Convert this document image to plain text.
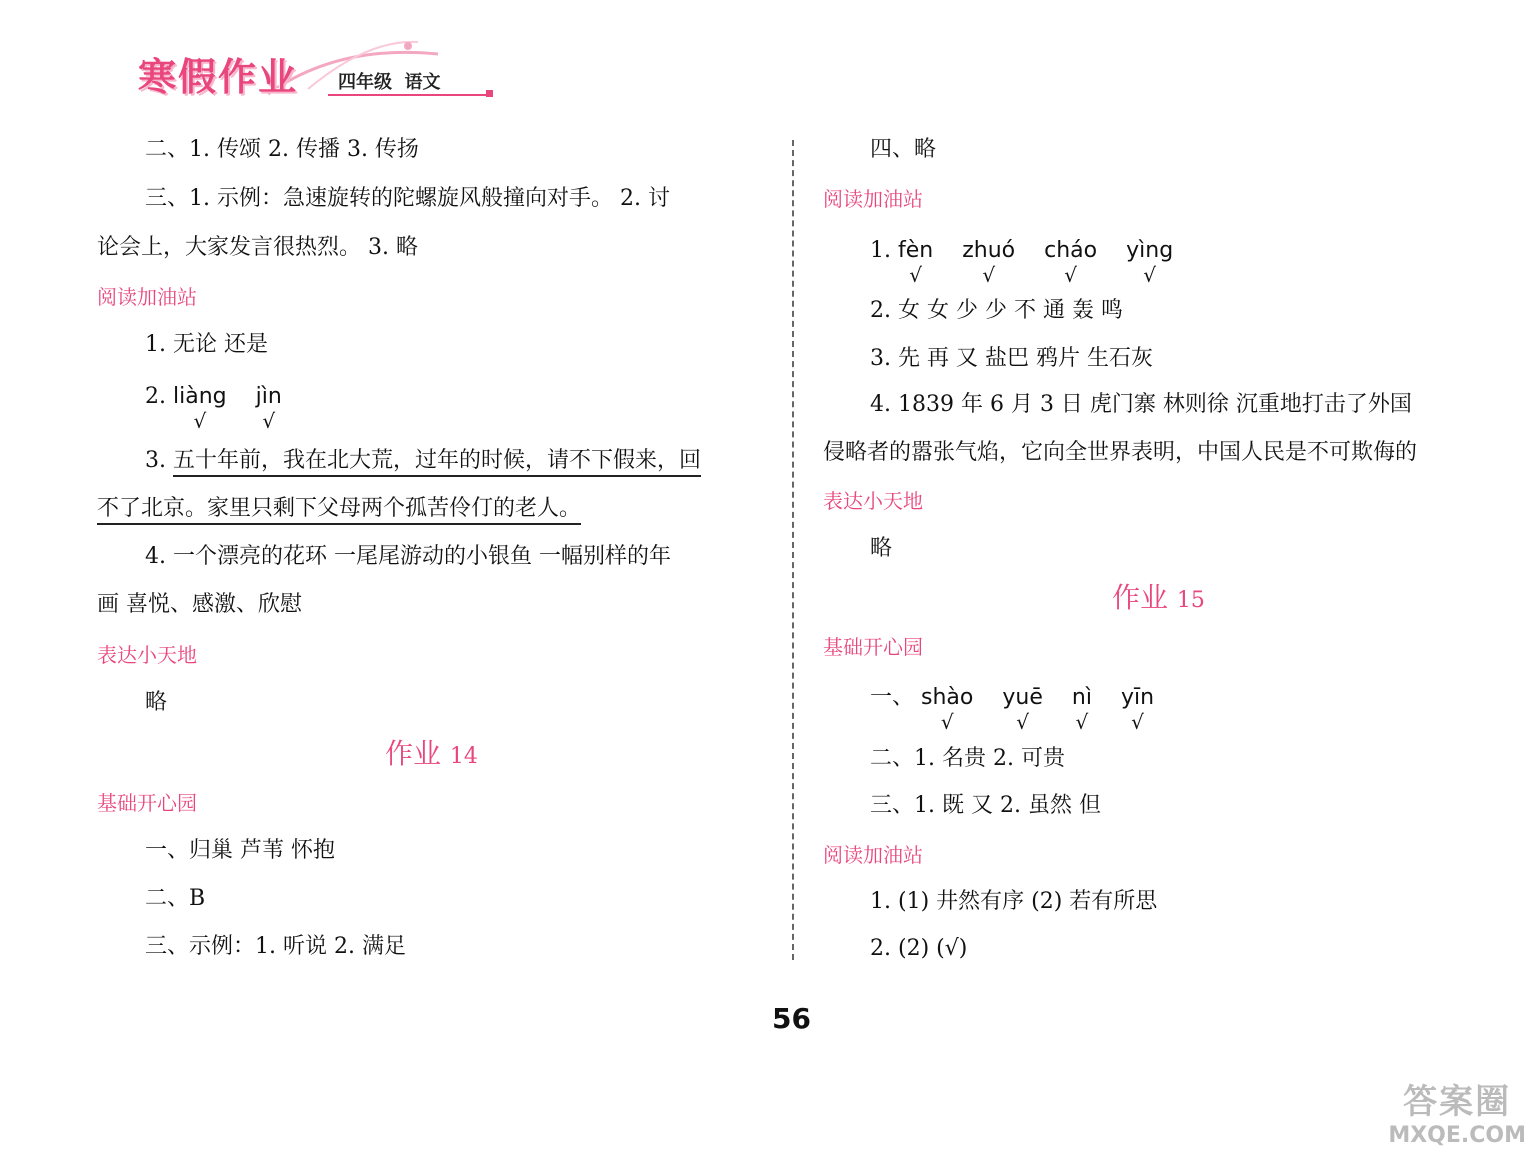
寒假作业 四年级  语文
二、1. 传颂 2. 传播 3. 传扬
三、1. 示例：急速旋转的陀螺旋风般撞向对手。 2. 讨
论会上，大家发言很热烈。 3. 略
阅读加油站
1. 无论 还是
2. liàng
√
jìn
√
3. 五十年前，我在北大荒，过年的时候，请不下假来，回
不了北京。家里只剩下父母两个孤苦伶仃的老人。
4. 一个漂亮的花环 一尾尾游动的小银鱼 一幅别样的年
画 喜悦、感激、欣慰
表达小天地
略
作业 14
基础开心园
一、归巢 芦苇 怀抱
二、B
三、示例：1. 听说 2. 满足
四、略
阅读加油站
1. fèn
√
zhuó
√
cháo
√
yìng
√
2. 女 女 少 少 不 通 轰 鸣
3. 先 再 又 盐巴 鸦片 生石灰
4. 1839 年 6 月 3 日 虎门寨 林则徐 沉重地打击了外国
侵略者的嚣张气焰，它向全世界表明，中国人民是不可欺侮的
表达小天地
略
作业 15
基础开心园
一、 shào
√
yuē
√
nì
√
yīn
√
二、1. 名贵 2. 可贵
三、1. 既 又 2. 虽然 但
阅读加油站
1. (1) 井然有序 (2) 若有所思
2. (2) (√)
56
答案圈
MXQE.COM
